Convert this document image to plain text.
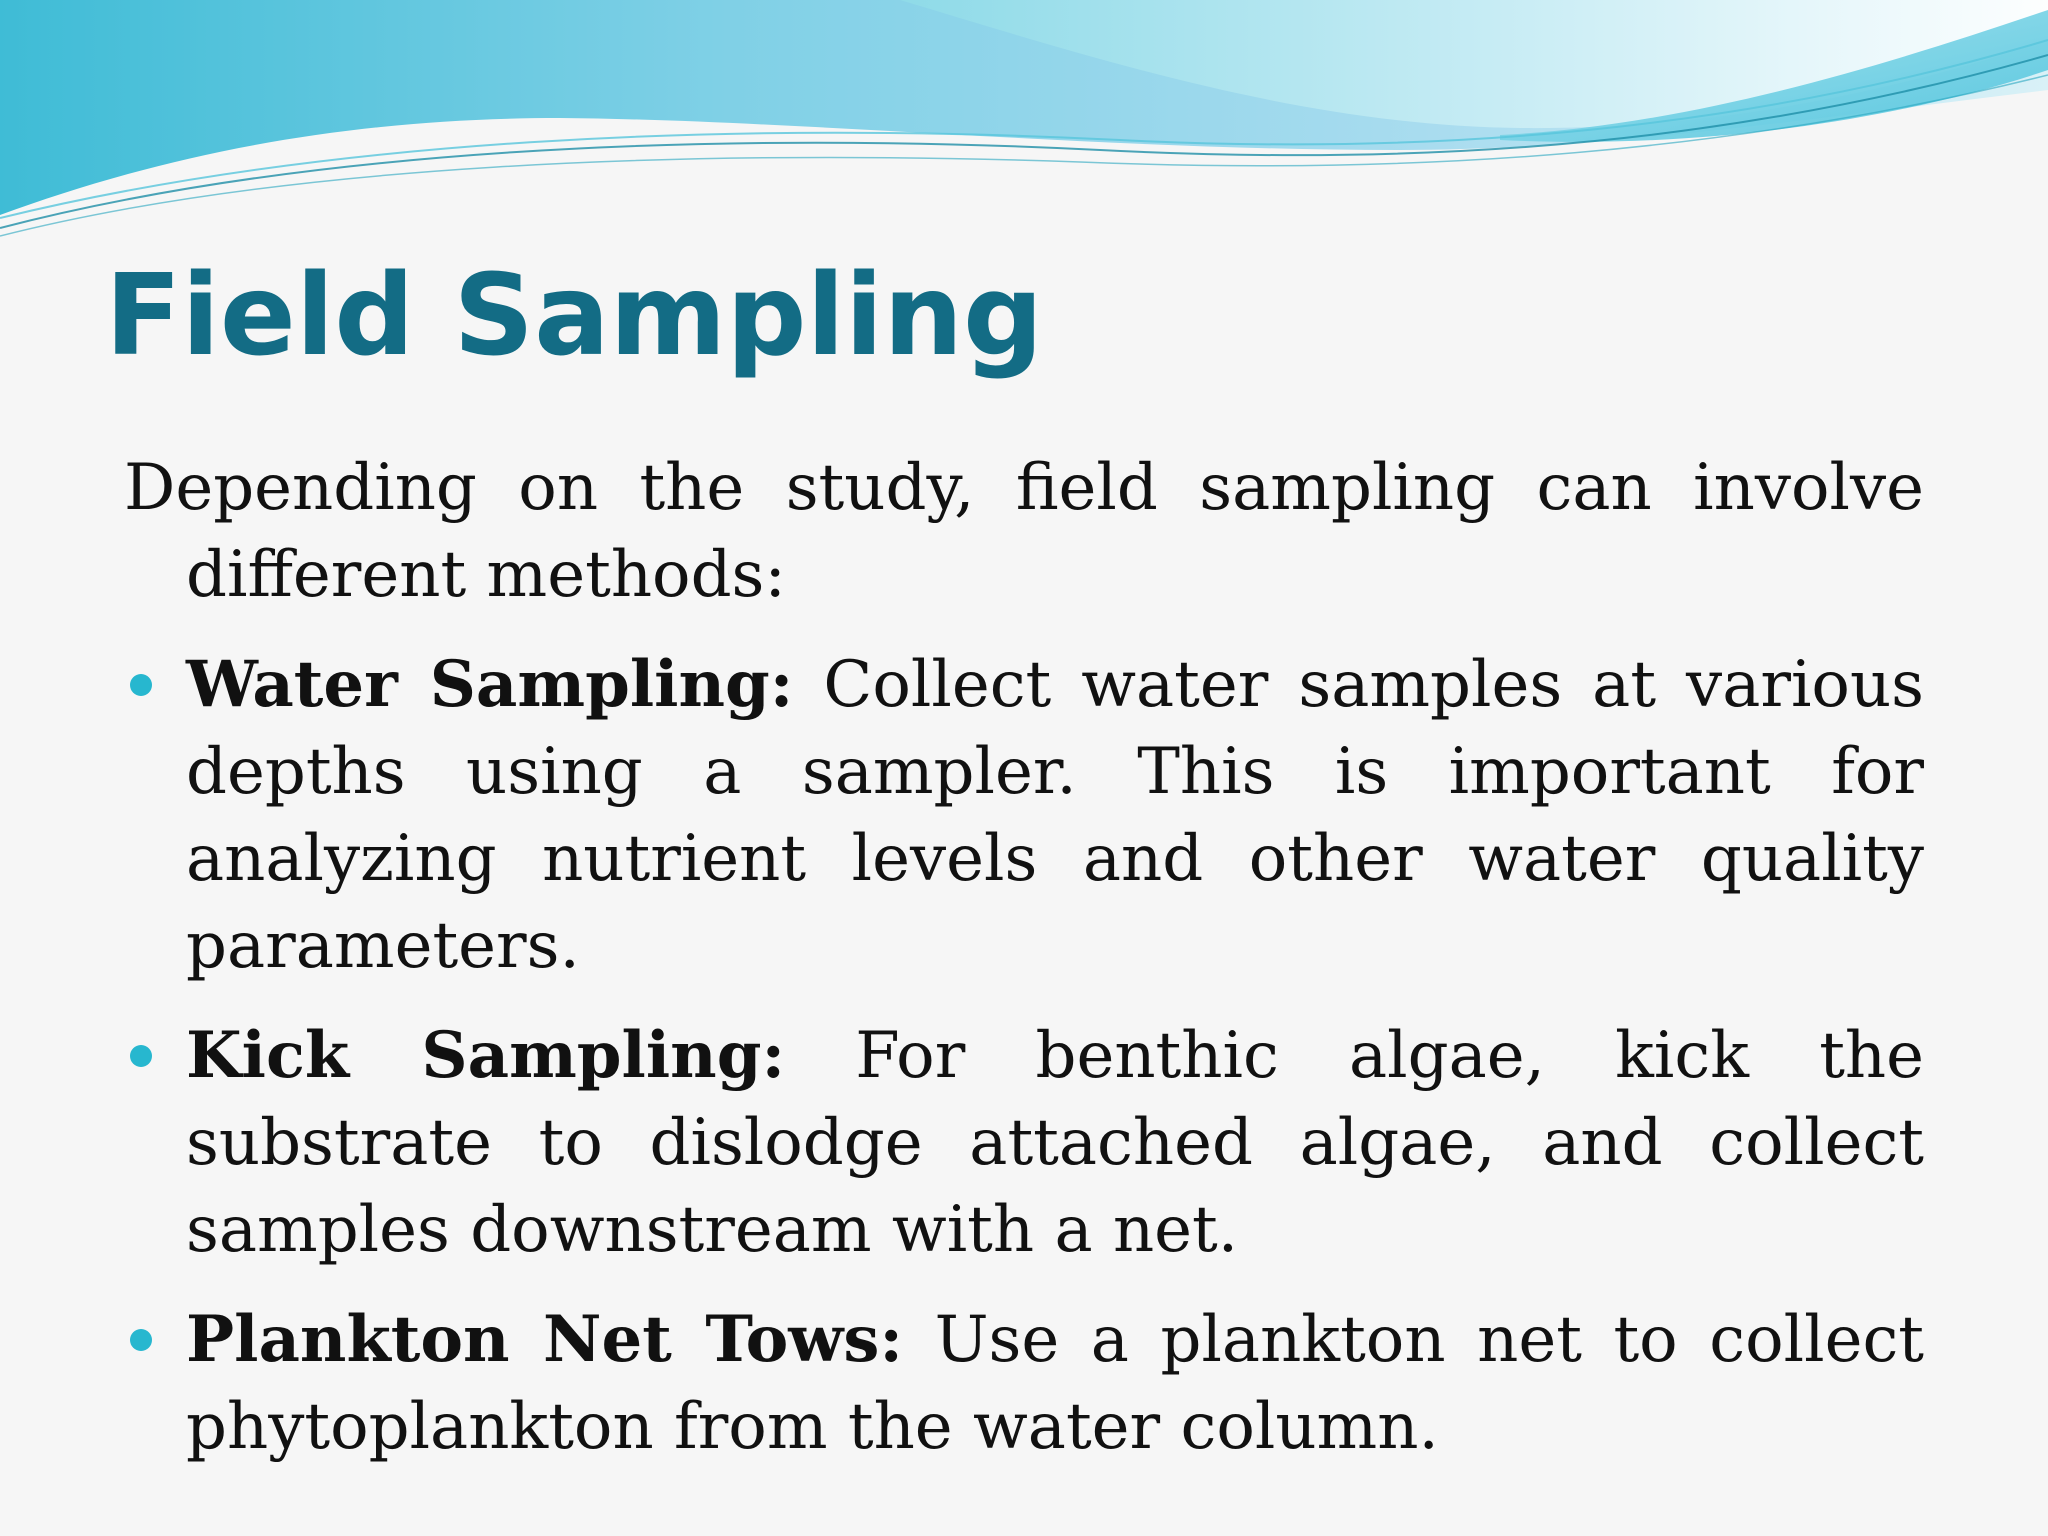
Field Sampling

Depending on the study, field sampling can involve different methods:

Water Sampling: Collect water samples at various depths using a sampler. This is important for analyzing nutrient levels and other water quality parameters.
Kick Sampling: For benthic algae, kick the substrate to dislodge attached algae, and collect samples downstream with a net.
Plankton Net Tows: Use a plankton net to collect phytoplankton from the water column.
